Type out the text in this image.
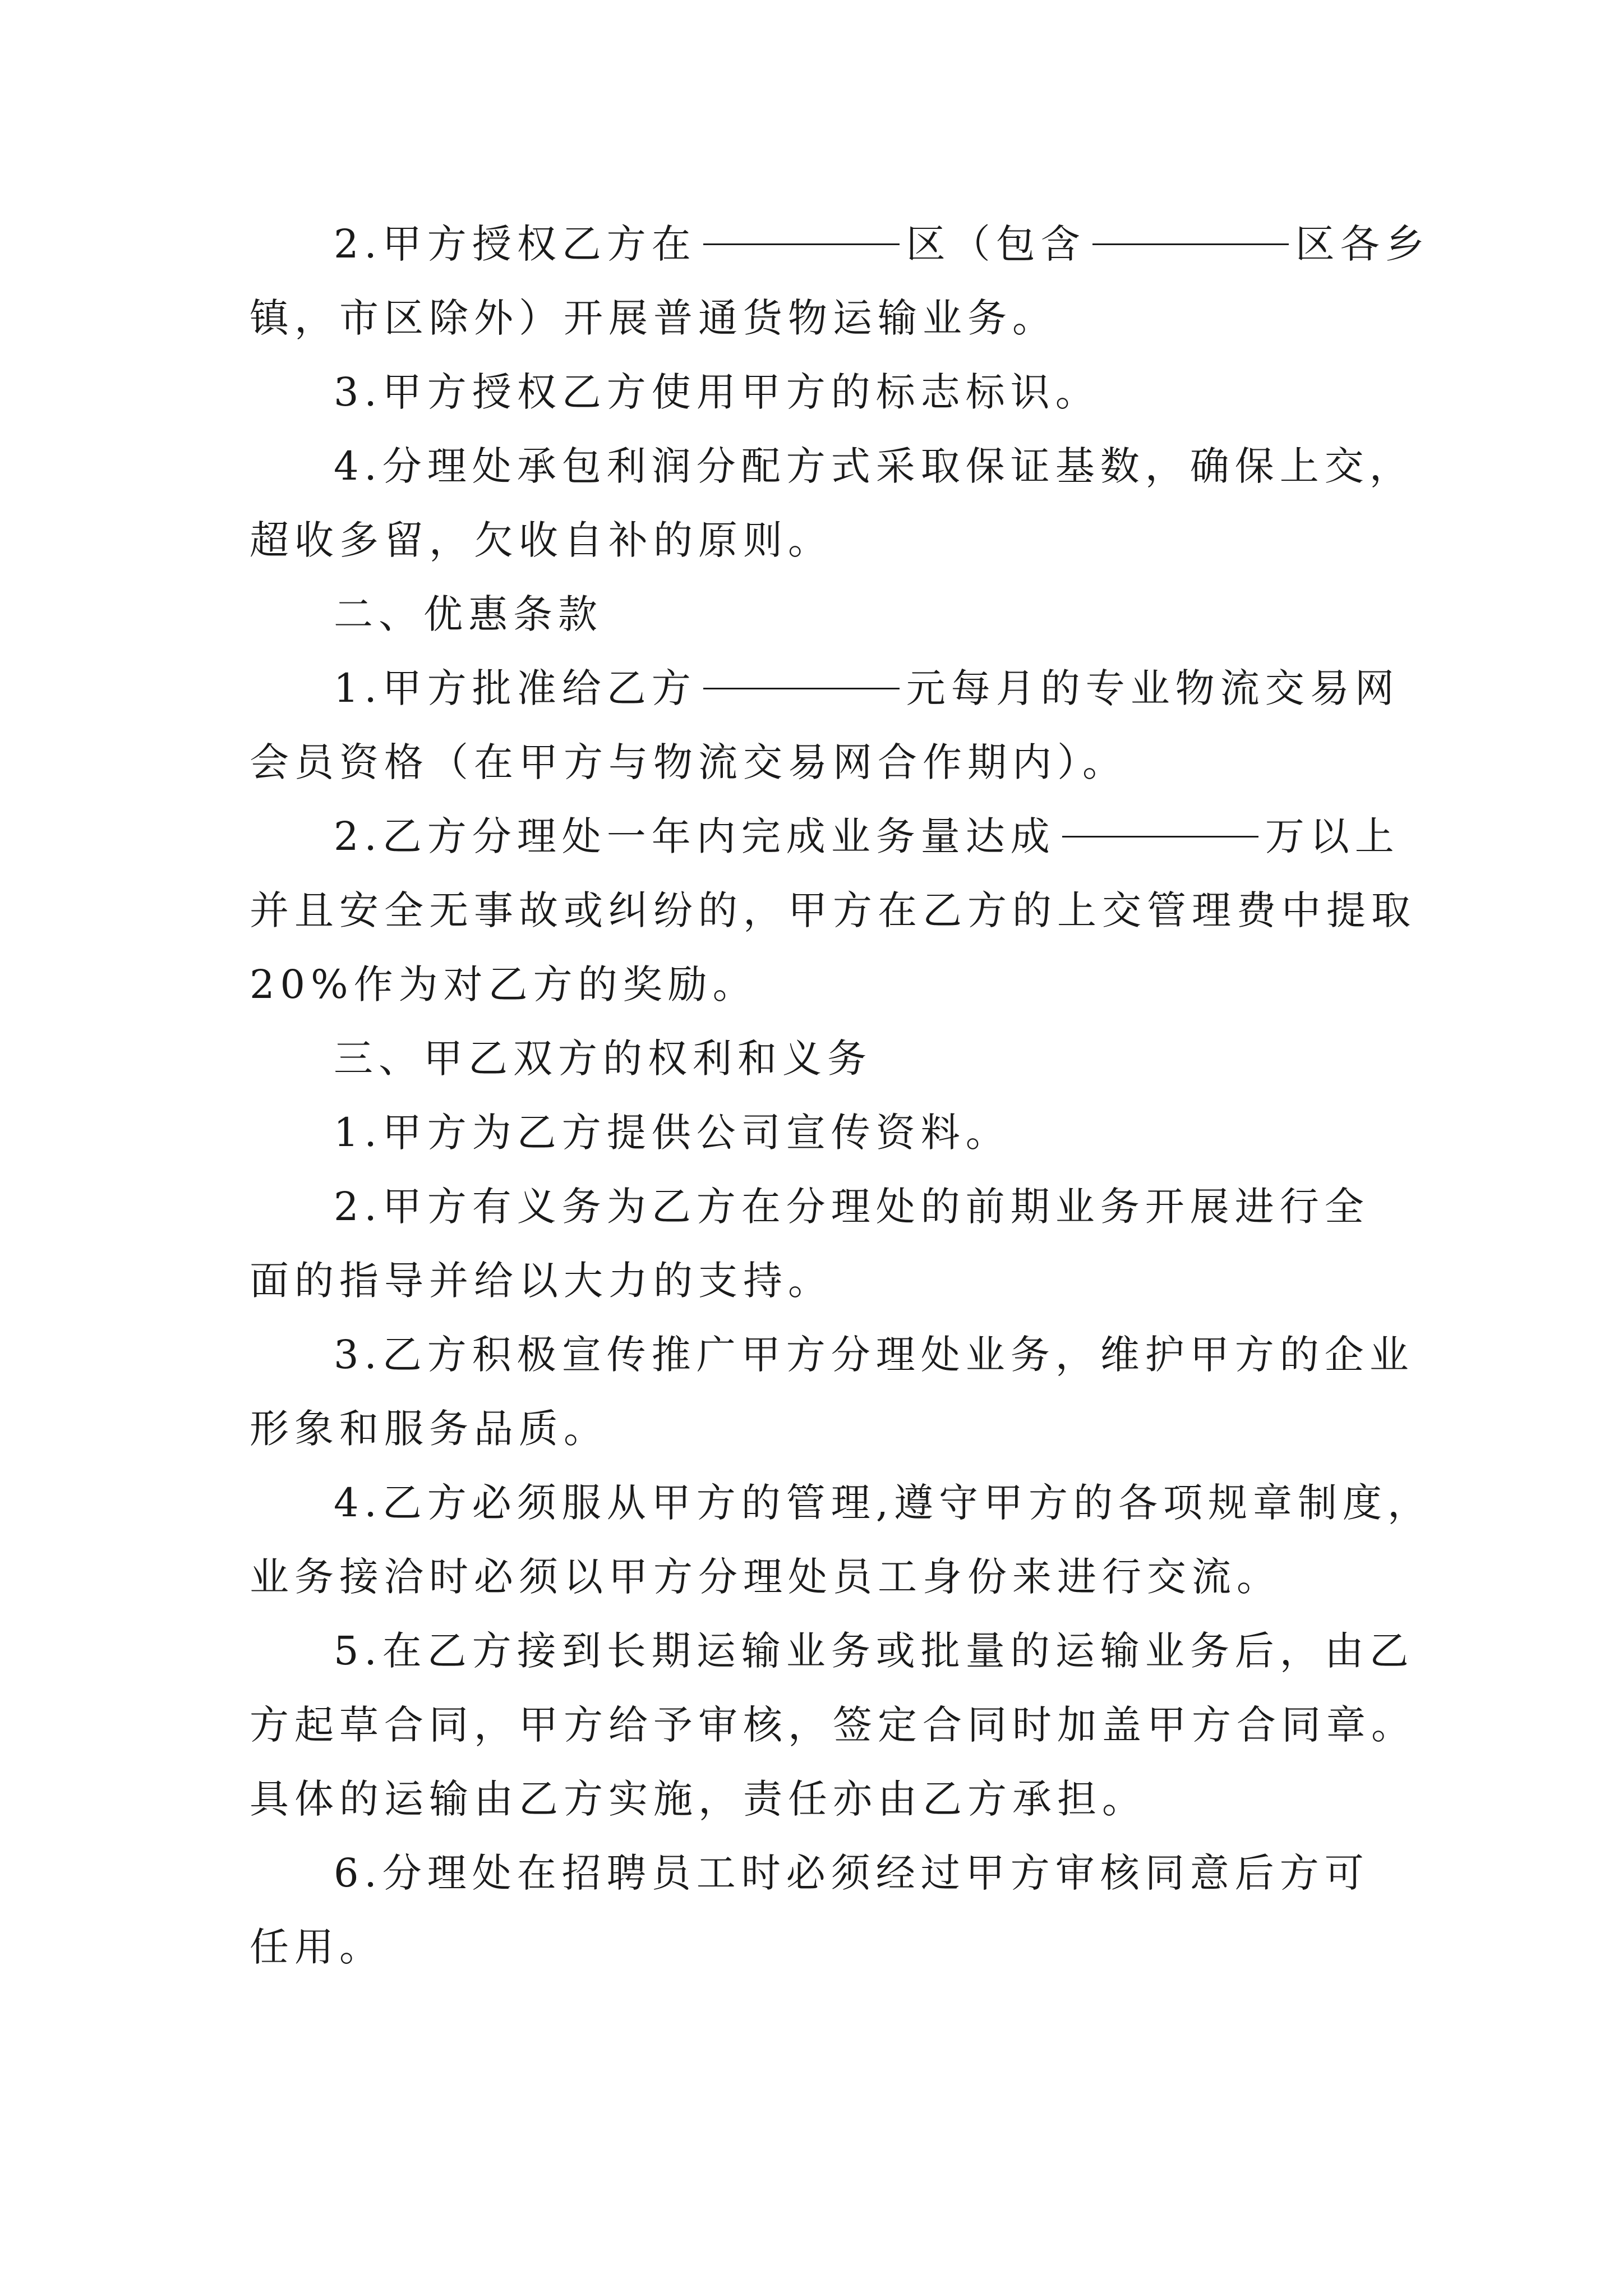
2.甲方授权乙方在	区（包含	区各乡
镇，市区除外）开展普通货物运输业务。
3.甲方授权乙方使用甲方的标志标识。
4.分理处承包利润分配方式采取保证基数，确保上交，
超收多留，欠收自补的原则。
二、优惠条款
1.甲方批准给乙方	元每月的专业物流交易网
会员资格（在甲方与物流交易网合作期内）。
2.乙方分理处一年内完成业务量达成	万以上
并且安全无事故或纠纷的，甲方在乙方的上交管理费中提取
20%作为对乙方的奖励。
三、甲乙双方的权利和义务
1.甲方为乙方提供公司宣传资料。
2.甲方有义务为乙方在分理处的前期业务开展进行全
面的指导并给以大力的支持。
3.乙方积极宣传推广甲方分理处业务，维护甲方的企业
形象和服务品质。
4.乙方必须服从甲方的管理,遵守甲方的各项规章制度，
业务接洽时必须以甲方分理处员工身份来进行交流。
5.在乙方接到长期运输业务或批量的运输业务后，由乙
方起草合同，甲方给予审核，签定合同时加盖甲方合同章。
具体的运输由乙方实施，责任亦由乙方承担。
6.分理处在招聘员工时必须经过甲方审核同意后方可
任用。
